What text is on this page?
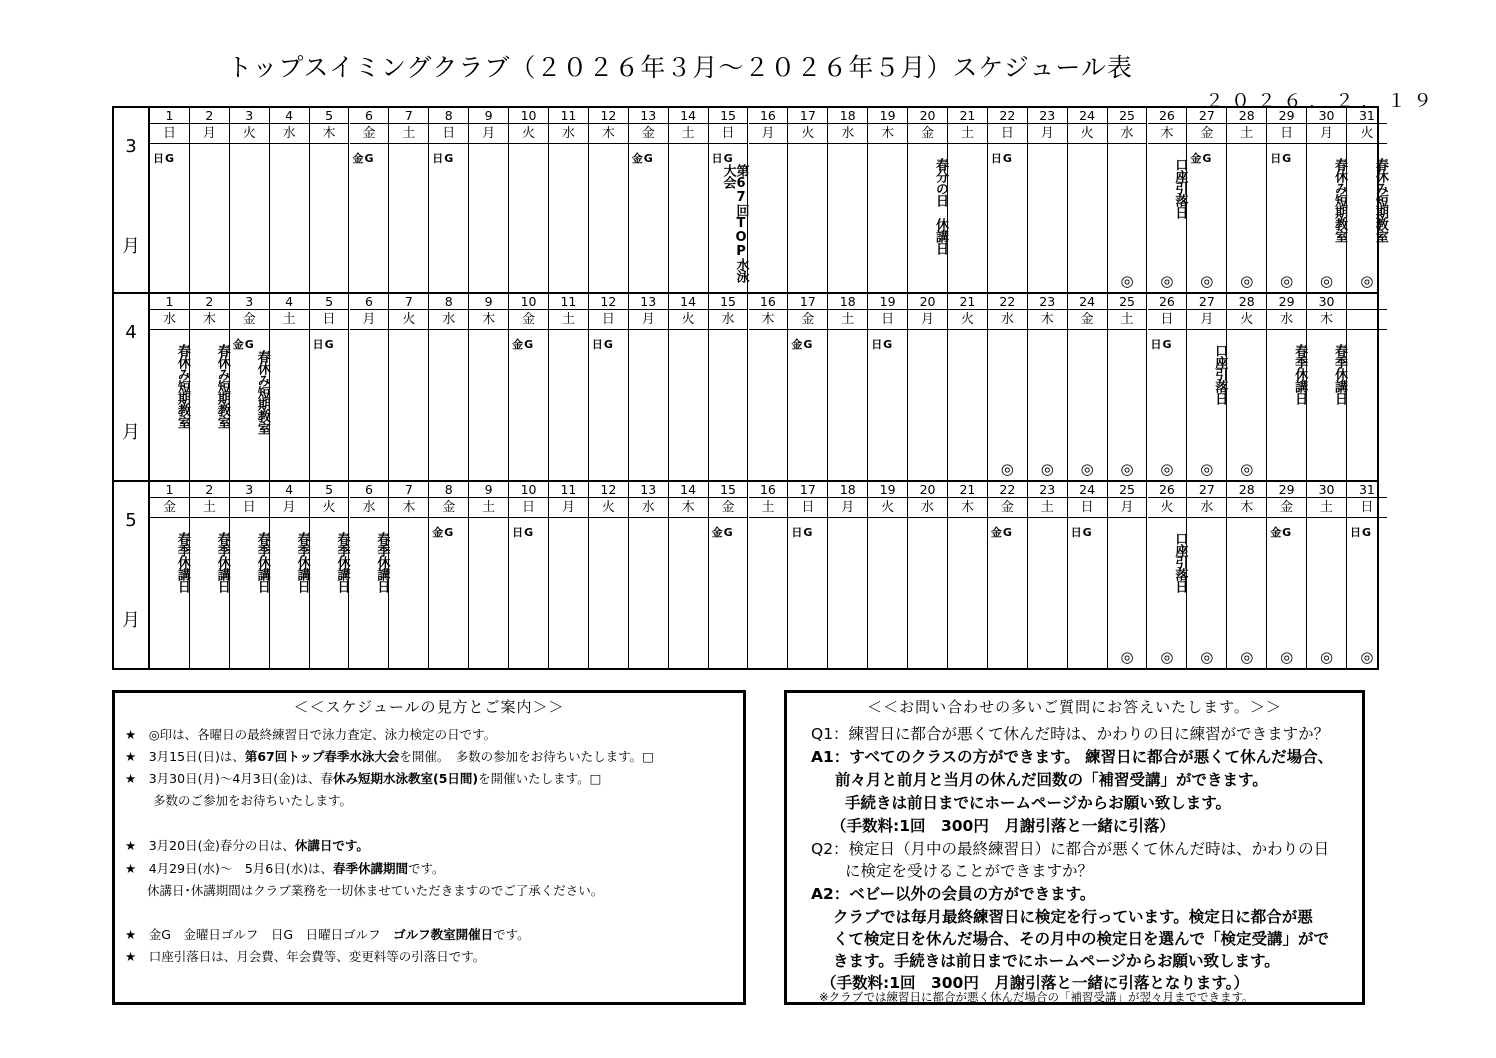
トップスイミングクラブ（２０２６年３月～２０２６年５月）スケジュール表
２０２６．２．１９
3
月
1
日
日G
2
月
3
火
4
水
5
木
6
金
金G
7
土
8
日
日G
9
月
10
火
11
水
12
木
13
金
金G
14
土
15
日
日G
第67回TOP水泳大会
16
月
17
火
18
水
19
木
20
金
春分の日　休講日
21
土
22
日
日G
23
月
24
火
25
水
◎
26
木
口座引落日
◎
27
金
金G
◎
28
土
◎
29
日
日G
◎
30
月
春休み短期教室
◎
31
火
春休み短期教室
◎
4
月
1
水
春休み短期教室
2
木
春休み短期教室
3
金
金G
春休み短期教室
4
土
5
日
日G
6
月
7
火
8
水
9
木
10
金
金G
11
土
12
日
日G
13
月
14
火
15
水
16
木
17
金
金G
18
土
19
日
日G
20
月
21
火
22
水
◎
23
木
◎
24
金
◎
25
土
◎
26
日
日G
◎
27
月
口座引落日
◎
28
火
◎
29
水
春季休講日
30
木
春季休講日
5
月
1
金
春季休講日
2
土
春季休講日
3
日
春季休講日
4
月
春季休講日
5
火
春季休講日
6
水
春季休講日
7
木
8
金
金G
9
土
10
日
日G
11
月
12
火
13
水
14
木
15
金
金G
16
土
17
日
日G
18
月
19
火
20
水
21
木
22
金
金G
23
土
24
日
日G
25
月
◎
26
火
口座引落日
◎
27
水
◎
28
木
◎
29
金
金G
◎
30
土
◎
31
日
日G
◎
＜＜スケジュールの見方とご案内＞＞
★　 ◎印は、各曜日の最終練習日で泳力査定、泳力検定の日です。
★　 3月15日(日)は、第67回トップ春季水泳大会を開催。　多数の参加をお待ちいたします。□
★　 3月30日(月)～4月3日(金)は、春休み短期水泳教室(5日間)を開催いたします。□
多数のご参加をお待ちいたします。
★　 3月20日(金)春分の日は、休講日です。
★　 4月29日(水)～　5月6日(水)は、春季休講期間です。
休講日･休講期間はクラブ業務を一切休ませていただきますのでご了承ください。
★　 金G　金曜日ゴルフ　日G　日曜日ゴルフ　ゴルフ教室開催日です。
★　 口座引落日は、月会費、年会費等、変更料等の引落日です。
＜＜お問い合わせの多いご質問にお答えいたします。＞＞
Q1：練習日に都合が悪くて休んだ時は、かわりの日に練習ができますか？
A1：すべてのクラスの方ができます。 練習日に都合が悪くて休んだ場合、
前々月と前月と当月の休んだ回数の「補習受講」ができます。
手続きは前日までにホームページからお願い致します。
（手数料:1回　300円　月謝引落と一緒に引落）
Q2：検定日（月中の最終練習日）に都合が悪くて休んだ時は、かわりの日
に検定を受けることができますか？
A2：ベビー以外の会員の方ができます。
クラブでは毎月最終練習日に検定を行っています。検定日に都合が悪
くて検定日を休んだ場合、その月中の検定日を選んで「検定受講」がで
きます。手続きは前日までにホームページからお願い致します。
（手数料:1回　300円　月謝引落と一緒に引落となります。）
※クラブでは練習日に都合が悪く休んだ場合の「補習受講」が翌々月までできます。
